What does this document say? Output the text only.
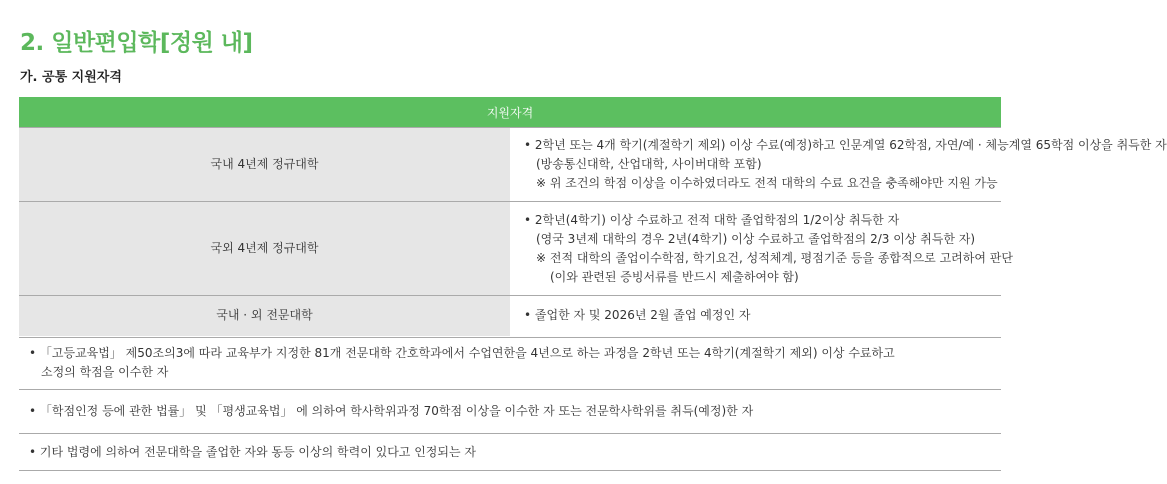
2. 일반편입학[정원 내]
가. 공통 지원자격
지원자격	
국내 4년제 정규대학	• 2학년 또는 4개 학기(계절학기 제외) 이상 수료(예정)하고 인문계열 62학점, 자연/예 · 체능계열 65학점 이상을 취득한 자
(방송통신대학, 산업대학, 사이버대학 포함)
※ 위 조건의 학점 이상을 이수하였더라도 전적 대학의 수료 요건을 충족해야만 지원 가능

국외 4년제 정규대학	• 2학년(4학기) 이상 수료하고 전적 대학 졸업학점의 1/2이상 취득한 자
(영국 3년제 대학의 경우 2년(4학기) 이상 수료하고 졸업학점의 2/3 이상 취득한 자)
※ 전적 대학의 졸업이수학점, 학기요건, 성적체계, 평점기준 등을 종합적으로 고려하여 판단
(이와 관련된 증빙서류를 반드시 제출하여야 함)

국내 · 외 전문대학	• 졸업한 자 및 2026년 2월 졸업 예정인 자
• 「고등교육법」 제50조의3에 따라 교육부가 지정한 81개 전문대학 간호학과에서 수업연한을 4년으로 하는 과정을 2학년 또는 4학기(계절학기 제외) 이상 수료하고
소정의 학점을 이수한 자
• 「학점인정 등에 관한 법률」 및 「평생교육법」 에 의하여 학사학위과정 70학점 이상을 이수한 자 또는 전문학사학위를 취득(예정)한 자
• 기타 법령에 의하여 전문대학을 졸업한 자와 동등 이상의 학력이 있다고 인정되는 자
